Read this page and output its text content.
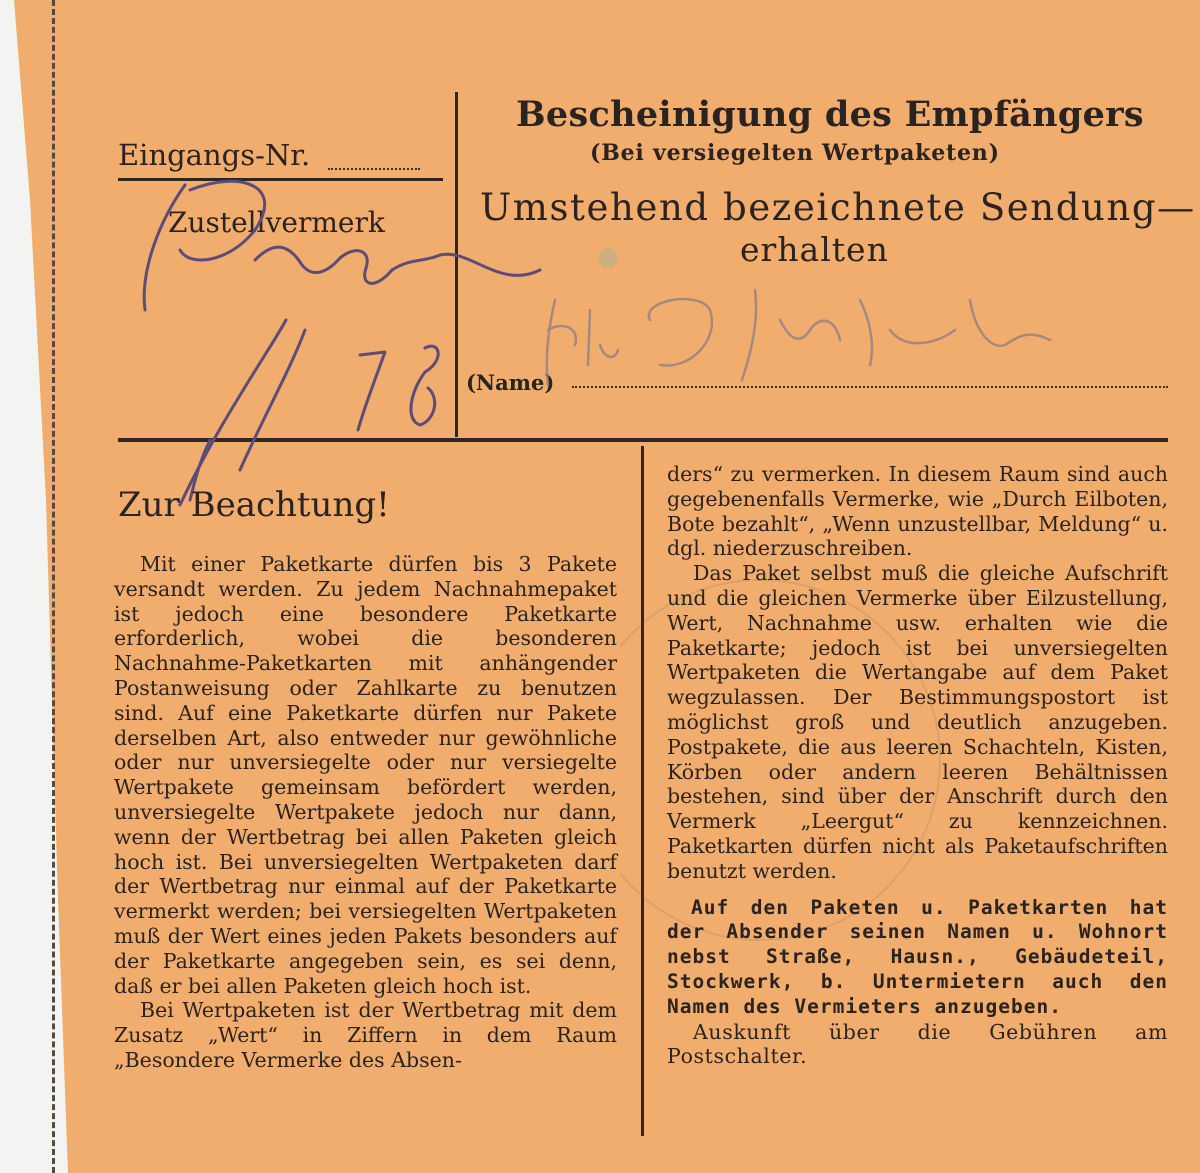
Eingangs-Nr.
Zustellvermerk
Bescheinigung des Empfängers
(Bei versiegelten Wertpaketen)
Umstehend bezeichnete Sendung—
erhalten
(Name)
Zur Beachtung!

Mit einer Paketkarte dürfen bis 3 Pakete versandt werden. Zu jedem Nachnahmepaket ist jedoch eine besondere Paketkarte erforderlich, wobei die besonderen Nachnahme-Paketkarten mit anhängender Postanweisung oder Zahlkarte zu benutzen sind. Auf eine Paketkarte dürfen nur Pakete derselben Art, also entweder nur gewöhnliche oder nur unversiegelte oder nur versiegelte Wertpakete gemeinsam befördert werden, unversiegelte Wertpakete jedoch nur dann, wenn der Wertbetrag bei allen Paketen gleich hoch ist. Bei unversiegelten Wertpaketen darf der Wertbetrag nur einmal auf der Paketkarte vermerkt werden; bei versiegelten Wertpaketen muß der Wert eines jeden Pakets besonders auf der Paketkarte angegeben sein, es sei denn, daß er bei allen Paketen gleich hoch ist.

Bei Wertpaketen ist der Wertbetrag mit dem Zusatz „Wert“ in Ziffern in dem Raum „Besondere Vermerke des Absen-

ders“ zu vermerken. In diesem Raum sind auch gegebenenfalls Vermerke, wie „Durch Eilboten, Bote bezahlt“, „Wenn unzustellbar, Meldung“ u. dgl. niederzuschreiben.

Das Paket selbst muß die gleiche Aufschrift und die gleichen Vermerke über Eilzustellung, Wert, Nachnahme usw. erhalten wie die Paketkarte; jedoch ist bei unversiegelten Wertpaketen die Wertangabe auf dem Paket wegzulassen. Der Bestimmungspostort ist möglichst groß und deutlich anzugeben. Postpakete, die aus leeren Schachteln, Kisten, Körben oder andern leeren Behältnissen bestehen, sind über der Anschrift durch den Vermerk „Leergut“ zu kennzeichnen. Paketkarten dürfen nicht als Paketaufschriften benutzt werden.

Auf den Paketen u. Paketkarten hat der Absender seinen Namen u. Wohnort nebst Straße, Hausn., Gebäudeteil, Stockwerk, b. Untermietern auch den Namen des Vermieters anzugeben.

Auskunft über die Gebühren am Postschalter.
